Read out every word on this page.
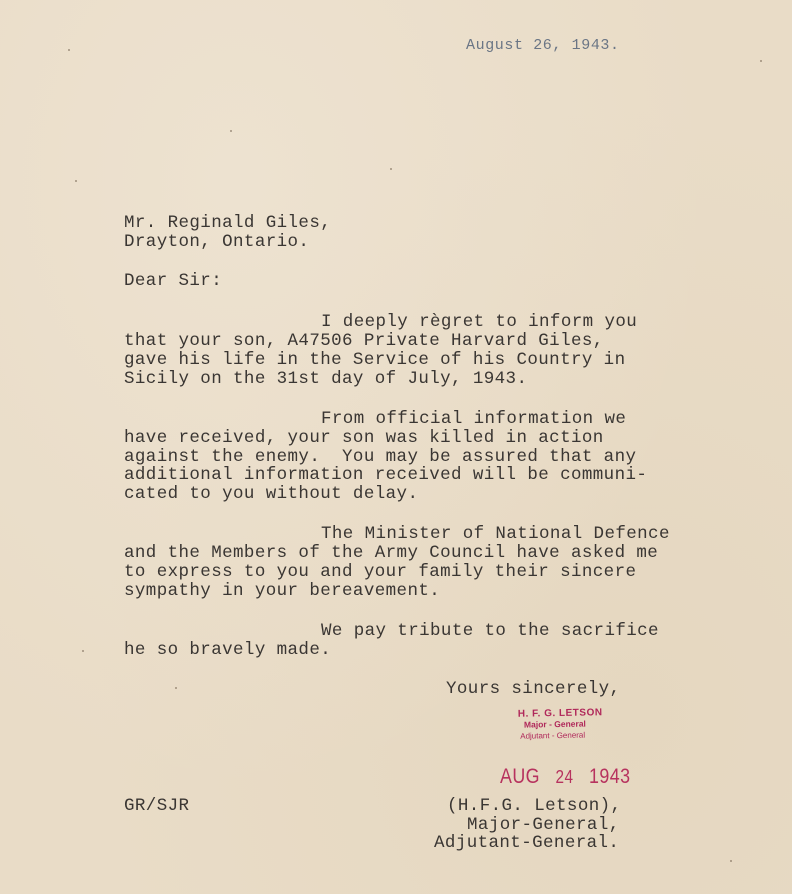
August 26, 1943.
Mr. Reginald Giles,
Drayton, Ontario.
Dear Sir:
I deeply règret to inform you
that your son, A47506 Private Harvard Giles,
gave his life in the Service of his Country in
Sicily on the 31st day of July, 1943.
From official information we
have received, your son was killed in action
against the enemy.  You may be assured that any
additional information received will be communi-
cated to you without delay.
The Minister of National Defence
and the Members of the Army Council have asked me
to express to you and your family their sincere
sympathy in your bereavement.
We pay tribute to the sacrifice
he so bravely made.
Yours sincerely,
H. F. G. LETSON
Major - General
Adjutant - General
AUG 24 1943
GR/SJR	(H.F.G. Letson),
Major-General,
Adjutant-General.
